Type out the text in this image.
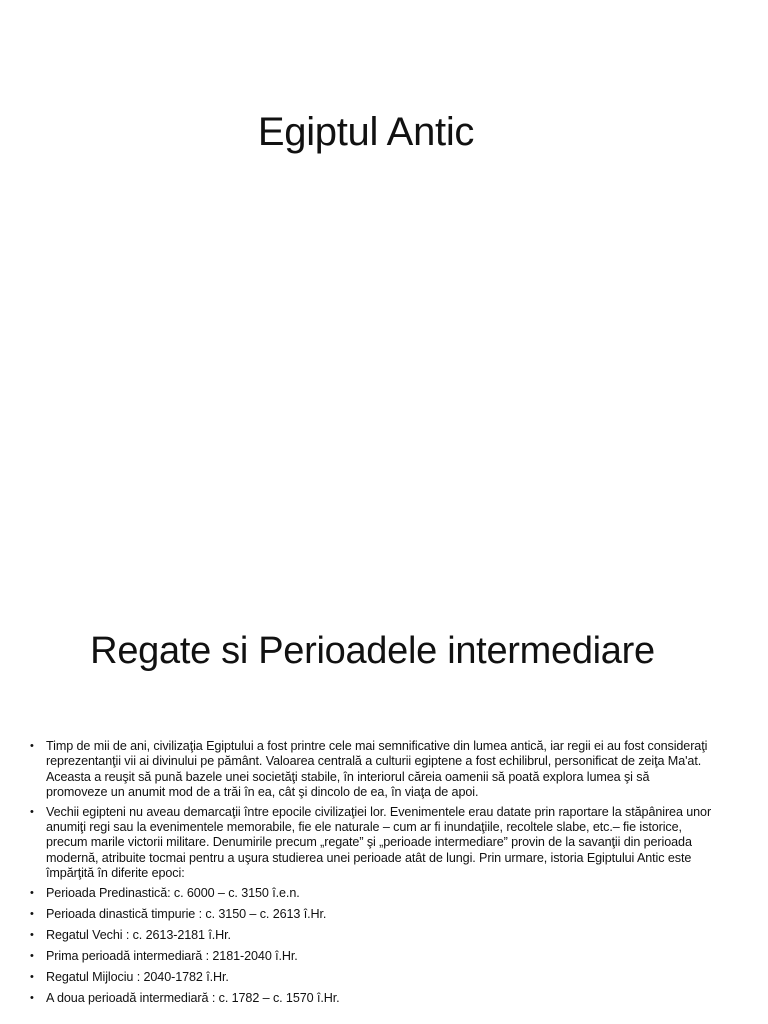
Egiptul Antic
Regate si Perioadele intermediare
• Timp de mii de ani, civilizaţia Egiptului a fost printre cele mai semnificative din lumea antică, iar regii ei au fost consideraţi reprezentanţii vii ai divinului pe pământ. Valoarea centrală a culturii egiptene a fost echilibrul, personificat de zeiţa Ma'at. Aceasta a reuşit să pună bazele unei societăţi stabile, în interiorul căreia oamenii să poată explora lumea şi să promoveze un anumit mod de a trăi în ea, cât şi dincolo de ea, în viaţa de apoi.
• Vechii egipteni nu aveau demarcaţii între epocile civilizaţiei lor. Evenimentele erau datate prin raportare la stăpânirea unor anumiţi regi sau la evenimentele memorabile, fie ele naturale – cum ar fi inundaţiile, recoltele slabe, etc.– fie istorice, precum marile victorii militare. Denumirile precum „regate” şi „perioade intermediare” provin de la savanţii din perioada modernă, atribuite tocmai pentru a uşura studierea unei perioade atât de lungi. Prin urmare, istoria Egiptului Antic este împărţită în diferite epoci:
• Perioada Predinastică: c. 6000 – c. 3150 î.e.n.
• Perioada dinastică timpurie : c. 3150 – c. 2613 î.Hr.
• Regatul Vechi : c. 2613-2181 î.Hr.
• Prima perioadă intermediară : 2181-2040 î.Hr.
• Regatul Mijlociu : 2040-1782 î.Hr.
• A doua perioadă intermediară : c. 1782 – c. 1570 î.Hr.
